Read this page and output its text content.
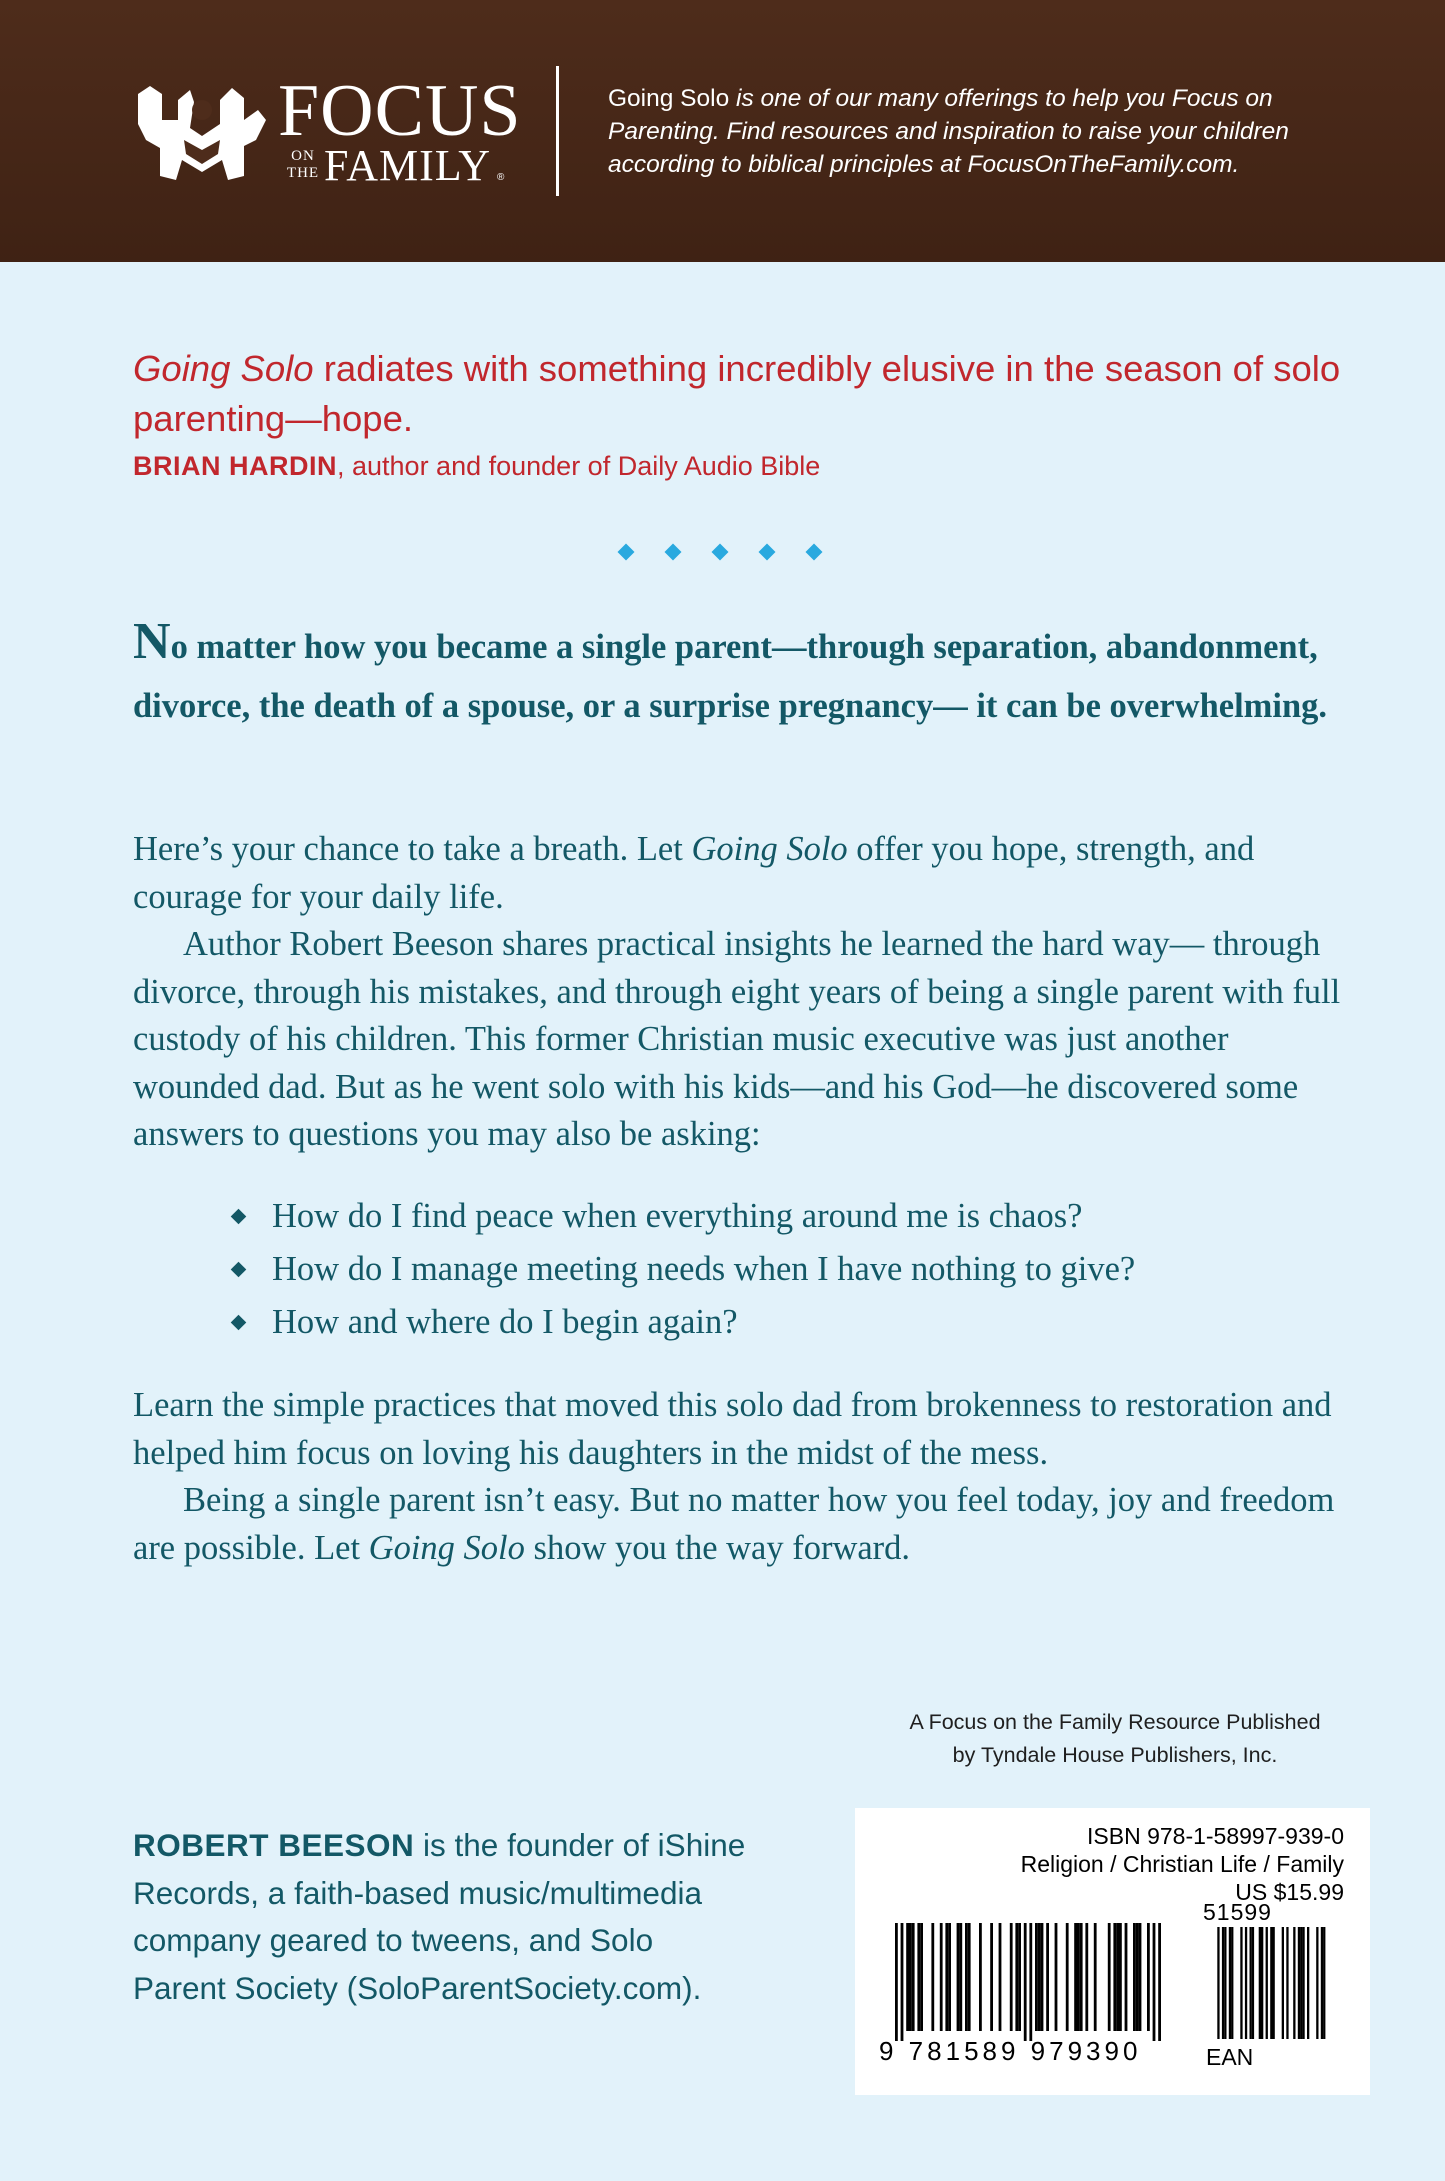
FOCUS
ON THE FAMILY ®
Going Solo is one of our many offerings to help you Focus on Parenting. Find resources and inspiration to raise your children according to biblical principles at FocusOnTheFamily.com.
Going Solo radiates with something incredibly elusive in the season of solo parenting—hope.
BRIAN HARDIN, author and founder of Daily Audio Bible
No matter how you became a single parent—through separation, abandonment, divorce, the death of a spouse, or a surprise pregnancy— it can be overwhelming.

Here’s your chance to take a breath. Let Going Solo offer you hope, strength, and courage for your daily life.

Author Robert Beeson shares practical insights he learned the hard way— through divorce, through his mistakes, and through eight years of being a single parent with full custody of his children. This former Christian music executive was just another wounded dad. But as he went solo with his kids—and his God—he discovered some answers to questions you may also be asking:

How do I find peace when everything around me is chaos?
How do I manage meeting needs when I have nothing to give?
How and where do I begin again?

Learn the simple practices that moved this solo dad from brokenness to restoration and helped him focus on loving his daughters in the midst of the mess.

Being a single parent isn’t easy. But no matter how you feel today, joy and freedom are possible. Let Going Solo show you the way forward.

A Focus on the Family Resource Published
by Tyndale House Publishers, Inc.
ROBERT BEESON is the founder of iShine Records, a faith-based music/multimedia company geared to tweens, and Solo Parent Society (SoloParentSociety.com).
ISBN 978-1-58997-939-0
Religion / Christian Life / Family
US $15.99
51599
9 781589 979390	EAN
